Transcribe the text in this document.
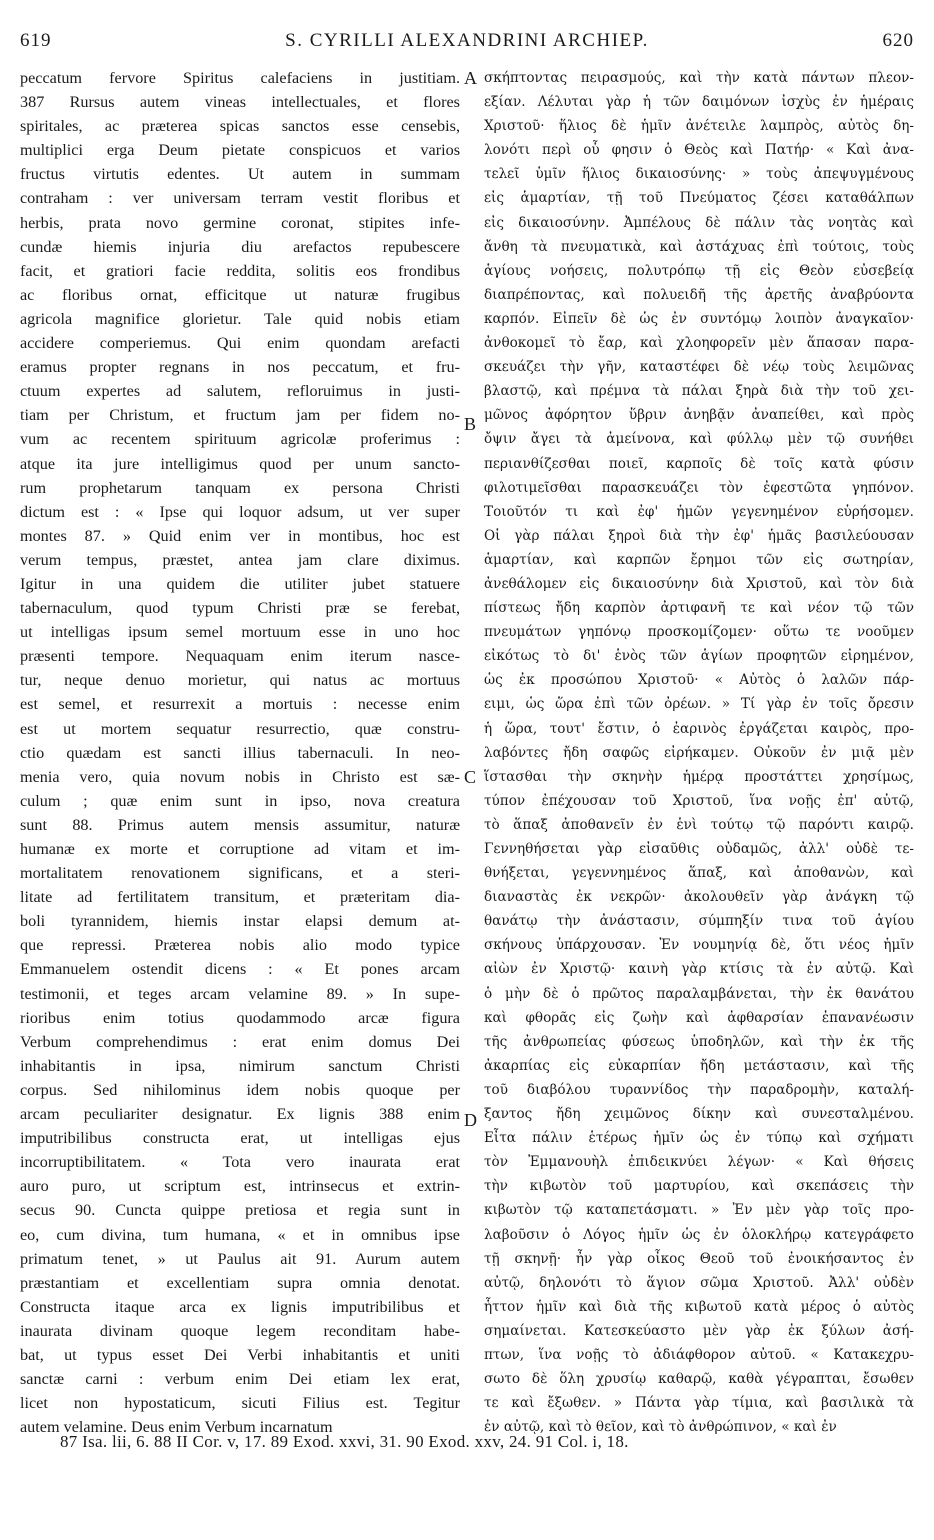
619	S. CYRILLI ALEXANDRINI ARCHIEP.	620
peccatum fervore Spiritus calefaciens in justitiam.
387 Rursus autem vineas intellectuales, et flores
spiritales, ac præterea spicas sanctos esse censebis,
multiplici erga Deum pietate conspicuos et varios
fructus virtutis edentes. Ut autem in summam
contraham : ver universam terram vestit floribus et
herbis, prata novo germine coronat, stipites infe-
cundæ hiemis injuria diu arefactos repubescere
facit, et gratiori facie reddita, solitis eos frondibus
ac floribus ornat, efficitque ut naturæ frugibus
agricola magnifice glorietur. Tale quid nobis etiam
accidere comperiemus. Qui enim quondam arefacti
eramus propter regnans in nos peccatum, et fru-
ctuum expertes ad salutem, refloruimus in justi-
tiam per Christum, et fructum jam per fidem no-
vum ac recentem spirituum agricolæ proferimus :
atque ita jure intelligimus quod per unum sancto-
rum prophetarum tanquam ex persona Christi
dictum est : « Ipse qui loquor adsum, ut ver super
montes 87. » Quid enim ver in montibus, hoc est
verum tempus, præstet, antea jam clare diximus.
Igitur in una quidem die utiliter jubet statuere
tabernaculum, quod typum Christi præ se ferebat,
ut intelligas ipsum semel mortuum esse in uno hoc
præsenti tempore. Nequaquam enim iterum nasce-
tur, neque denuo morietur, qui natus ac mortuus
est semel, et resurrexit a mortuis : necesse enim
est ut mortem sequatur resurrectio, quæ constru-
ctio quædam est sancti illius tabernaculi. In neo-
menia vero, quia novum nobis in Christo est sæ-
culum ; quæ enim sunt in ipso, nova creatura
sunt 88. Primus autem mensis assumitur, naturæ
humanæ ex morte et corruptione ad vitam et im-
mortalitatem renovationem significans, et a steri-
litate ad fertilitatem transitum, et præteritam dia-
boli tyrannidem, hiemis instar elapsi demum at-
que repressi. Præterea nobis alio modo typice
Emmanuelem ostendit dicens : « Et pones arcam
testimonii, et teges arcam velamine 89. » In supe-
rioribus enim totius quodammodo arcæ figura
Verbum comprehendimus : erat enim domus Dei
inhabitantis in ipsa, nimirum sanctum Christi
corpus. Sed nihilominus idem nobis quoque per
arcam peculiariter designatur. Ex lignis 388 enim
imputribilibus constructa erat, ut intelligas ejus
incorruptibilitatem. « Tota vero inaurata erat
auro puro, ut scriptum est, intrinsecus et extrin-
secus 90. Cuncta quippe pretiosa et regia sunt in
eo, cum divina, tum humana, « et in omnibus ipse
primatum tenet, » ut Paulus ait 91. Aurum autem
præstantiam et excellentiam supra omnia denotat.
Constructa itaque arca ex lignis imputribilibus et
inaurata divinam quoque legem reconditam habe-
bat, ut typus esset Dei Verbi inhabitantis et uniti
sanctæ carni : verbum enim Dei etiam lex erat,
licet non hypostaticum, sicuti Filius est. Tegitur
autem velamine. Deus enim Verbum incarnatum
σκήπτοντας πειρασμούς, καὶ τὴν κατὰ πάντων πλεον-
εξίαν. Λέλυται γὰρ ἡ τῶν δαιμόνων ἰσχὺς ἐν ἡμέραις
Χριστοῦ· ἥλιος δὲ ἡμῖν ἀνέτειλε λαμπρὸς, αὐτὸς δη-
λονότι περὶ οὗ φησιν ὁ Θεὸς καὶ Πατήρ· « Καὶ ἀνα-
τελεῖ ὑμῖν ἥλιος δικαιοσύνης· » τοὺς ἀπεψυγμένους
εἰς ἁμαρτίαν, τῇ τοῦ Πνεύματος ζέσει καταθάλπων
εἰς δικαιοσύνην. Ἀμπέλους δὲ πάλιν τὰς νοητὰς καὶ
ἄνθη τὰ πνευματικὰ, καὶ ἀστάχυας ἐπὶ τούτοις, τοὺς
ἁγίους νοήσεις, πολυτρόπῳ τῇ εἰς Θεὸν εὐσεβείᾳ
διαπρέποντας, καὶ πολυειδῆ τῆς ἀρετῆς ἀναβρύοντα
καρπόν. Εἰπεῖν δὲ ὡς ἐν συντόμῳ λοιπὸν ἀναγκαῖον·
ἀνθοκομεῖ τὸ ἔαρ, καὶ χλοηφορεῖν μὲν ἅπασαν παρα-
σκευάζει τὴν γῆν, καταστέφει δὲ νέῳ τοὺς λειμῶνας
βλαστῷ, καὶ πρέμνα τὰ πάλαι ξηρὰ διὰ τὴν τοῦ χει-
μῶνος ἀφόρητον ὕβριν ἀνηβᾷν ἀναπείθει, καὶ πρὸς
ὄψιν ἄγει τὰ ἀμείνονα, καὶ φύλλῳ μὲν τῷ συνήθει
περιανθίζεσθαι ποιεῖ, καρποῖς δὲ τοῖς κατὰ φύσιν
φιλοτιμεῖσθαι παρασκευάζει τὸν ἐφεστῶτα γηπόνον.
Τοιοῦτόν τι καὶ ἐφ' ἡμῶν γεγενημένον εὑρήσομεν.
Οἱ γὰρ πάλαι ξηροὶ διὰ τὴν ἐφ' ἡμᾶς βασιλεύουσαν
ἁμαρτίαν, καὶ καρπῶν ἔρημοι τῶν εἰς σωτηρίαν,
ἀνεθάλομεν εἰς δικαιοσύνην διὰ Χριστοῦ, καὶ τὸν διὰ
πίστεως ἤδη καρπὸν ἀρτιφανῆ τε καὶ νέον τῷ τῶν
πνευμάτων γηπόνῳ προσκομίζομεν· οὕτω τε νοοῦμεν
εἰκότως τὸ δι' ἑνὸς τῶν ἁγίων προφητῶν εἰρημένον,
ὡς ἐκ προσώπου Χριστοῦ· « Αὐτὸς ὁ λαλῶν πάρ-
ειμι, ὡς ὥρα ἐπὶ τῶν ὀρέων. » Τί γὰρ ἐν τοῖς ὄρεσιν
ἡ ὥρα, τουτ' ἔστιν, ὁ ἐαρινὸς ἐργάζεται καιρὸς, προ-
λαβόντες ἤδη σαφῶς εἰρήκαμεν. Οὐκοῦν ἐν μιᾷ μὲν
ἵστασθαι τὴν σκηνὴν ἡμέρᾳ προστάττει χρησίμως,
τύπον ἐπέχουσαν τοῦ Χριστοῦ, ἵνα νοῇς ἐπ' αὐτῷ,
τὸ ἅπαξ ἀποθανεῖν ἐν ἑνὶ τούτῳ τῷ παρόντι καιρῷ.
Γεννηθήσεται γὰρ εἰσαῦθις οὐδαμῶς, ἀλλ' οὐδὲ τε-
θνήξεται, γεγεννημένος ἅπαξ, καὶ ἀποθανὼν, καὶ
διαναστὰς ἐκ νεκρῶν· ἀκολουθεῖν γὰρ ἀνάγκη τῷ
θανάτῳ τὴν ἀνάστασιν, σύμπηξίν τινα τοῦ ἁγίου
σκήνους ὑπάρχουσαν. Ἐν νουμηνίᾳ δὲ, ὅτι νέος ἡμῖν
αἰὼν ἐν Χριστῷ· καινὴ γὰρ κτίσις τὰ ἐν αὐτῷ. Καὶ
ὁ μὴν δὲ ὁ πρῶτος παραλαμβάνεται, τὴν ἐκ θανάτου
καὶ φθορᾶς εἰς ζωὴν καὶ ἀφθαρσίαν ἐπανανέωσιν
τῆς ἀνθρωπείας φύσεως ὑποδηλῶν, καὶ τὴν ἐκ τῆς
ἀκαρπίας εἰς εὐκαρπίαν ἤδη μετάστασιν, καὶ τῆς
τοῦ διαβόλου τυραννίδος τὴν παραδρομὴν, καταλή-
ξαντος ἤδη χειμῶνος δίκην καὶ συνεσταλμένου.
Εἶτα πάλιν ἑτέρως ἡμῖν ὡς ἐν τύπῳ καὶ σχήματι
τὸν Ἐμμανουὴλ ἐπιδεικνύει λέγων· « Καὶ θήσεις
τὴν κιβωτὸν τοῦ μαρτυρίου, καὶ σκεπάσεις τὴν
κιβωτὸν τῷ καταπετάσματι. » Ἐν μὲν γὰρ τοῖς προ-
λαβοῦσιν ὁ Λόγος ἡμῖν ὡς ἐν ὁλοκλήρῳ κατεγράφετο
τῇ σκηνῇ· ἦν γὰρ οἶκος Θεοῦ τοῦ ἐνοικήσαντος ἐν
αὐτῷ, δηλονότι τὸ ἅγιον σῶμα Χριστοῦ. Ἀλλ' οὐδὲν
ἧττον ἡμῖν καὶ διὰ τῆς κιβωτοῦ κατὰ μέρος ὁ αὐτὸς
σημαίνεται. Κατεσκεύαστο μὲν γὰρ ἐκ ξύλων ἀσή-
πτων, ἵνα νοῇς τὸ ἀδιάφθορον αὐτοῦ. « Κατακεχρυ-
σωτο δὲ ὅλη χρυσίῳ καθαρῷ, καθὰ γέγραπται, ἔσωθεν
τε καὶ ἔξωθεν. » Πάντα γὰρ τίμια, καὶ βασιλικὰ τὰ
ἐν αὐτῷ, καὶ τὸ θεῖον, καὶ τὸ ἀνθρώπινον, « καὶ ἐν
A
B
C
D
87 Isa. lii, 6. 88 II Cor. v, 17. 89 Exod. xxvi, 31. 90 Exod. xxv, 24. 91 Col. i, 18.
